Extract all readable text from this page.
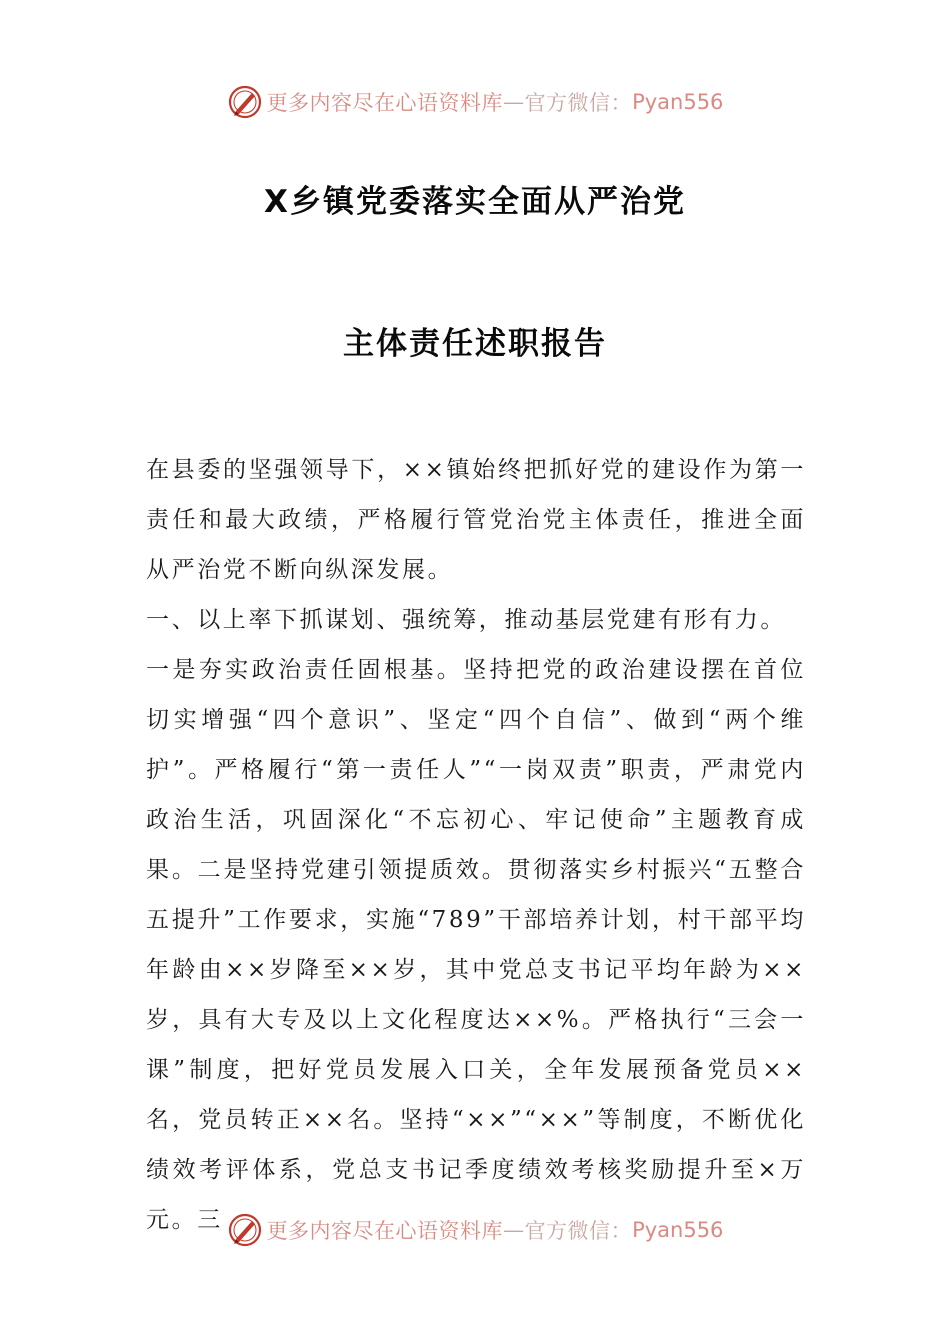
更多内容尽在心语资料库 — 官方微信： Pyan556
X乡镇党委落实全面从严治党
主体责任述职报告

在县委的坚强领导下，××镇始终把抓好党的建设作为第一责任和最大政绩，严格履行管党治党主体责任，推进全面从严治党不断向纵深发展。

一、以上率下抓谋划、强统筹，推动基层党建有形有力。

一是夯实政治责任固根基。坚持把党的政治建设摆在首位切实增强“四个意识”、坚定“四个自信”、做到“两个维护”。严格履行“第一责任人”“一岗双责”职责，严肃党内政治生活，巩固深化“不忘初心、牢记使命”主题教育成果。二是坚持党建引领提质效。贯彻落实乡村振兴“五整合五提升”工作要求，实施“789”干部培养计划，村干部平均年龄由××岁降至××岁，其中党总支书记平均年龄为××岁，具有大专及以上文化程度达××%。严格执行“三会一课”制度，把好党员发展入口关，全年发展预备党员××名，党员转正××名。坚持“××”“××”等制度，不断优化绩效考评体系，党总支书记季度绩效考核奖励提升至×万元。三	更多内容尽在心语资料库 — 官方微信： Pyan556
